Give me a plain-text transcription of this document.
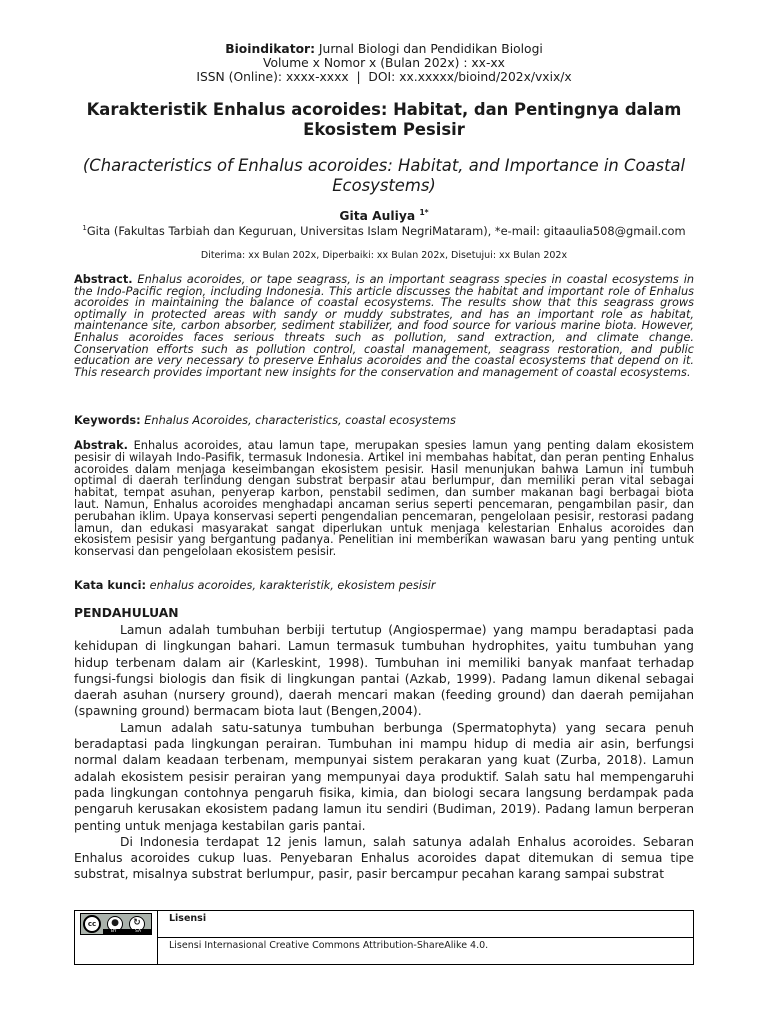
Bioindikator: Jurnal Biologi dan Pendidikan Biologi
Volume x Nomor x (Bulan 202x) : xx-xx
ISSN (Online): xxxx-xxxx  |  DOI: xx.xxxxx/bioind/202x/vxix/x
Karakteristik Enhalus acoroides: Habitat, dan Pentingnya dalam Ekosistem Pesisir
(Characteristics of Enhalus acoroides: Habitat, and Importance in Coastal Ecosystems)
Gita Auliya $^{1*}$
$^1$Gita (Fakultas Tarbiah dan Keguruan, Universitas Islam NegriMataram), *e-mail: gitaaulia508@gmail.com
Diterima: xx Bulan 202x, Diperbaiki: xx Bulan 202x, Disetujui: xx Bulan 202x
Abstract. Enhalus acoroides, or tape seagrass, is an important seagrass species in coastal ecosystems in the Indo-Pacific region, including Indonesia. This article discusses the habitat and important role of Enhalus acoroides in maintaining the balance of coastal ecosystems. The results show that this seagrass grows optimally in protected areas with sandy or muddy substrates, and has an important role as habitat, maintenance site, carbon absorber, sediment stabilizer, and food source for various marine biota. However, Enhalus acoroides faces serious threats such as pollution, sand extraction, and climate change. Conservation efforts such as pollution control, coastal management, seagrass restoration, and public education are very necessary to preserve Enhalus acoroides and the coastal ecosystems that depend on it. This research provides important new insights for the conservation and management of coastal ecosystems.
Keywords: Enhalus Acoroides, characteristics, coastal ecosystems
Abstrak. Enhalus acoroides, atau lamun tape, merupakan spesies lamun yang penting dalam ekosistem pesisir di wilayah Indo-Pasifik, termasuk Indonesia. Artikel ini membahas habitat, dan peran penting Enhalus acoroides dalam menjaga keseimbangan ekosistem pesisir. Hasil menunjukan bahwa Lamun ini tumbuh optimal di daerah terlindung dengan substrat berpasir atau berlumpur, dan memiliki peran vital sebagai habitat, tempat asuhan, penyerap karbon, penstabil sedimen, dan sumber makanan bagi berbagai biota laut. Namun, Enhalus acoroides menghadapi ancaman serius seperti pencemaran, pengambilan pasir, dan perubahan iklim. Upaya konservasi seperti pengendalian pencemaran, pengelolaan pesisir, restorasi padang lamun, dan edukasi masyarakat sangat diperlukan untuk menjaga kelestarian Enhalus acoroides dan ekosistem pesisir yang bergantung padanya. Penelitian ini memberikan wawasan baru yang penting untuk konservasi dan pengelolaan ekosistem pesisir.
Kata kunci: enhalus acoroides, karakteristik, ekosistem pesisir
PENDAHULUAN

Lamun adalah tumbuhan berbiji tertutup (Angiospermae) yang mampu beradaptasi pada kehidupan di lingkungan bahari. Lamun termasuk tumbuhan hydrophites, yaitu tumbuhan yang hidup terbenam dalam air (Karleskint, 1998). Tumbuhan ini memiliki banyak manfaat terhadap fungsi-fungsi biologis dan fisik di lingkungan pantai (Azkab, 1999). Padang lamun dikenal sebagai daerah asuhan (nursery ground), daerah mencari makan (feeding ground) dan daerah pemijahan (spawning ground) bermacam biota laut (Bengen,2004).

Lamun adalah satu-satunya tumbuhan berbunga (Spermatophyta) yang secara penuh beradaptasi pada lingkungan perairan. Tumbuhan ini mampu hidup di media air asin, berfungsi normal dalam keadaan terbenam, mempunyai sistem perakaran yang kuat (Zurba, 2018). Lamun adalah ekosistem pesisir perairan yang mempunyai daya produktif. Salah satu hal mempengaruhi pada lingkungan contohnya pengaruh fisika, kimia, dan biologi secara langsung berdampak pada pengaruh kerusakan ekosistem padang lamun itu sendiri (Budiman, 2019). Padang lamun berperan penting untuk menjaga kestabilan garis pantai.

Di Indonesia terdapat 12 jenis lamun, salah satunya adalah Enhalus acoroides. Sebaran Enhalus acoroides cukup luas. Penyebaran Enhalus acoroides dapat ditemukan di semua tipe substrat, misalnya substrat berlumpur, pasir, pasir bercampur pecahan karang sampai substrat

cc	●	↻
BY	SA
Lisensi
Lisensi Internasional Creative Commons Attribution-ShareAlike 4.0.
